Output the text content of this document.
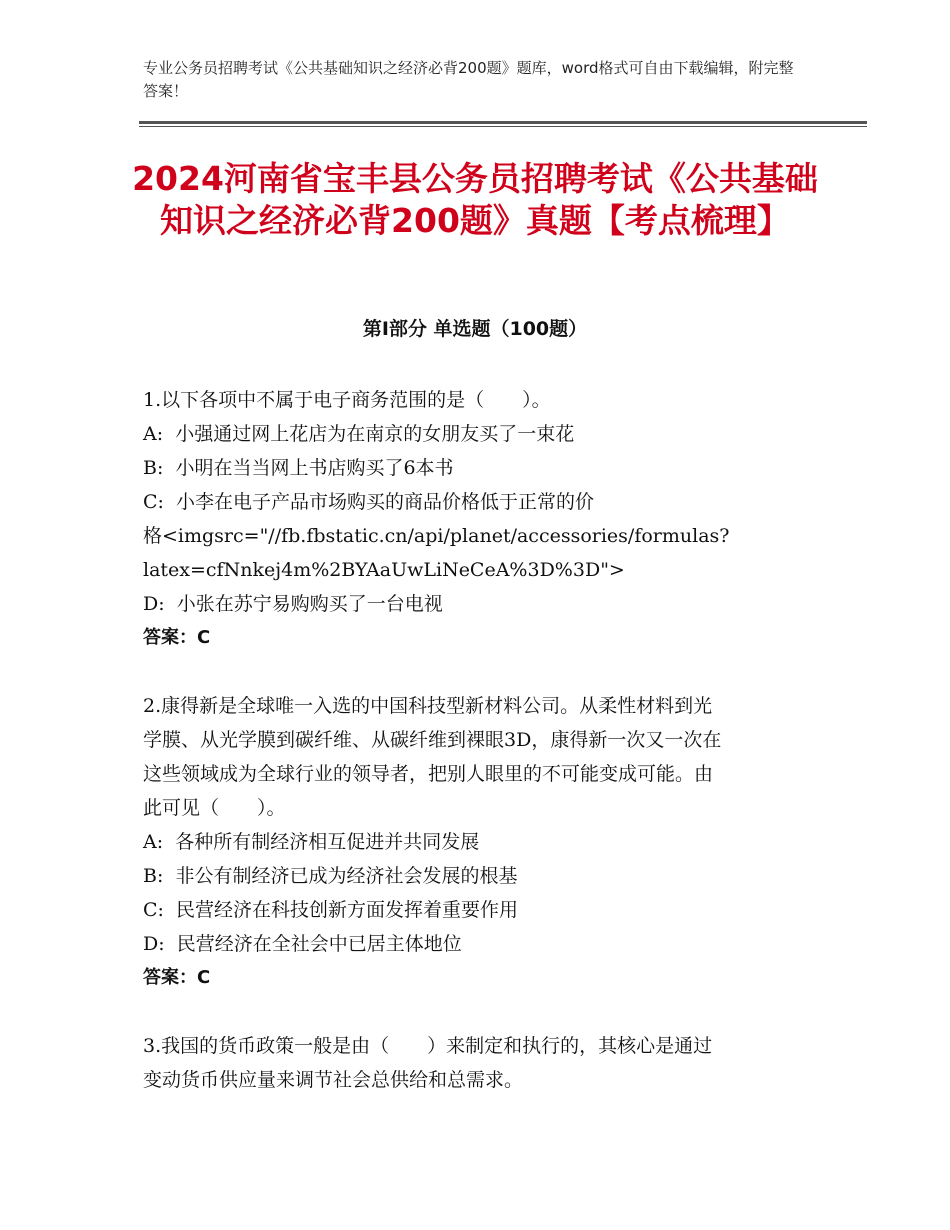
专业公务员招聘考试《公共基础知识之经济必背200题》题库，word格式可自由下载编辑，附完整答案！
2024河南省宝丰县公务员招聘考试《公共基础知识之经济必背200题》真题【考点梳理】
第Ⅰ部分 单选题（100题）
1.以下各项中不属于电子商务范围的是（　　）。
A:  小强通过网上花店为在南京的女朋友买了一束花
B:  小明在当当网上书店购买了6本书
C:  小李在电子产品市场购买的商品价格低于正常的价
格<imgsrc="//fb.fbstatic.cn/api/planet/accessories/formulas?
latex=cfNnkej4m%2BYAaUwLiNeCeA%3D%3D">
D:  小张在苏宁易购购买了一台电视
答案：C
2.康得新是全球唯一入选的中国科技型新材料公司。从柔性材料到光
学膜、从光学膜到碳纤维、从碳纤维到裸眼3D，康得新一次又一次在
这些领域成为全球行业的领导者，把别人眼里的不可能变成可能。由
此可见（　　）。
A:  各种所有制经济相互促进并共同发展
B:  非公有制经济已成为经济社会发展的根基
C:  民营经济在科技创新方面发挥着重要作用
D:  民营经济在全社会中已居主体地位
答案：C
3.我国的货币政策一般是由（　　）来制定和执行的，其核心是通过
变动货币供应量来调节社会总供给和总需求。
